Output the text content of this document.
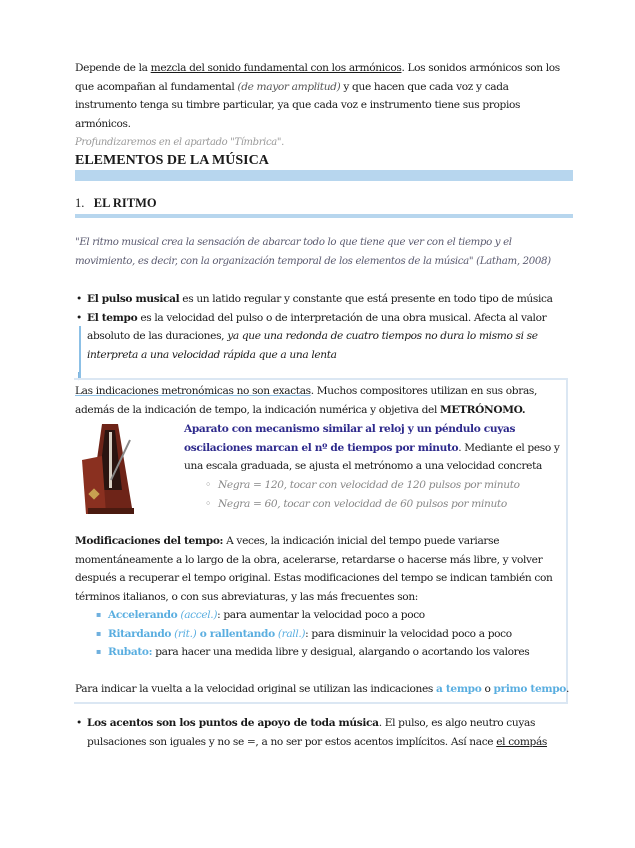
Depende de la mezcla del sonido fundamental con los armónicos. Los sonidos armónicos son los que acompañan al fundamental (de mayor amplitud) y que hacen que cada voz y cada instrumento tenga su timbre particular, ya que cada voz e instrumento tiene sus propios armónicos.
Profundizaremos en el apartado "Tímbrica".
ELEMENTOS DE LA MÚSICA
1. EL RITMO
"El ritmo musical crea la sensación de abarcar todo lo que tiene que ver con el tiempo y el movimiento, es decir, con la organización temporal de los elementos de la música" (Latham, 2008)
• El pulso musical es un latido regular y constante que está presente en todo tipo de música
• El tempo es la velocidad del pulso o de interpretación de una obra musical. Afecta al valor absoluto de las duraciones, ya que una redonda de cuatro tiempos no dura lo mismo si se interpreta a una velocidad rápida que a una lenta
↓
Las indicaciones metronómicas no son exactas. Muchos compositores utilizan en sus obras, además de la indicación de tempo, la indicación numérica y objetiva del METRÓNOMO.
Aparato con mecanismo similar al reloj y un péndulo cuyas oscilaciones marcan el nº de tiempos por minuto. Mediante el peso y una escala graduada, se ajusta el metrónomo a una velocidad concreta
◦ Negra = 120, tocar con velocidad de 120 pulsos por minuto
◦ Negra = 60, tocar con velocidad de 60 pulsos por minuto
Modificaciones del tempo: A veces, la indicación inicial del tempo puede variarse momentáneamente a lo largo de la obra, acelerarse, retardarse o hacerse más libre, y volver después a recuperar el tempo original. Estas modificaciones del tempo se indican también con términos italianos, o con sus abreviaturas, y las más frecuentes son:
▪ Accelerando (accel.): para aumentar la velocidad poco a poco
▪ Ritardando (rit.) o rallentando (rall.): para disminuir la velocidad poco a poco
▪ Rubato: para hacer una medida libre y desigual, alargando o acortando los valores
Para indicar la vuelta a la velocidad original se utilizan las indicaciones a tempo o primo tempo.
• Los acentos son los puntos de apoyo de toda música. El pulso, es algo neutro cuyas pulsaciones son iguales y no se =, a no ser por estos acentos implícitos. Así nace el compás
